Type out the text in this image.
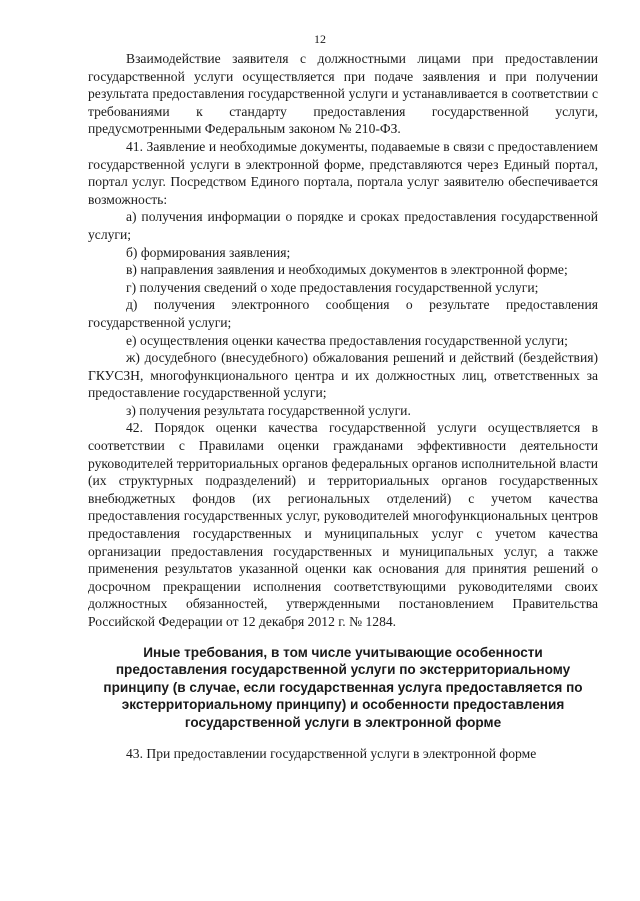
12

Взаимодействие заявителя с должностными лицами при предоставлении государственной услуги осуществляется при подаче заявления и при получении результата предоставления государственной услуги и устанавливается в соответствии с требованиями к стандарту предоставления государственной услуги, предусмотренными Федеральным законом № 210-ФЗ.

41. Заявление и необходимые документы, подаваемые в связи с предоставлением государственной услуги в электронной форме, представляются через Единый портал, портал услуг. Посредством Единого портала, портала услуг заявителю обеспечивается возможность:

а) получения информации о порядке и сроках предоставления государственной услуги;

б) формирования заявления;

в) направления заявления и необходимых документов в электронной форме;

г) получения сведений о ходе предоставления государственной услуги;

д) получения электронного сообщения о результате предоставления государственной услуги;

е) осуществления оценки качества предоставления государственной услуги;

ж) досудебного (внесудебного) обжалования решений и действий (бездействия) ГКУСЗН, многофункционального центра и их должностных лиц, ответственных за предоставление государственной услуги;

з) получения результата государственной услуги.

42. Порядок оценки качества государственной услуги осуществляется в соответствии с Правилами оценки гражданами эффективности деятельности руководителей территориальных органов федеральных органов исполнительной власти (их структурных подразделений) и территориальных органов государственных внебюджетных фондов (их региональных отделений) с учетом качества предоставления государственных услуг, руководителей многофункциональных центров предоставления государственных и муниципальных услуг с учетом качества организации предоставления государственных и муниципальных услуг, а также применения результатов указанной оценки как основания для принятия решений о досрочном прекращении исполнения соответствующими руководителями своих должностных обязанностей, утвержденными постановлением Правительства Российской Федерации от 12 декабря 2012 г. № 1284.

Иные требования, в том числе учитывающие особенности предоставления государственной услуги по экстерриториальному принципу (в случае, если государственная услуга предоставляется по экстерриториальному принципу) и особенности предоставления государственной услуги в электронной форме

43. При предоставлении государственной услуги в электронной форме
